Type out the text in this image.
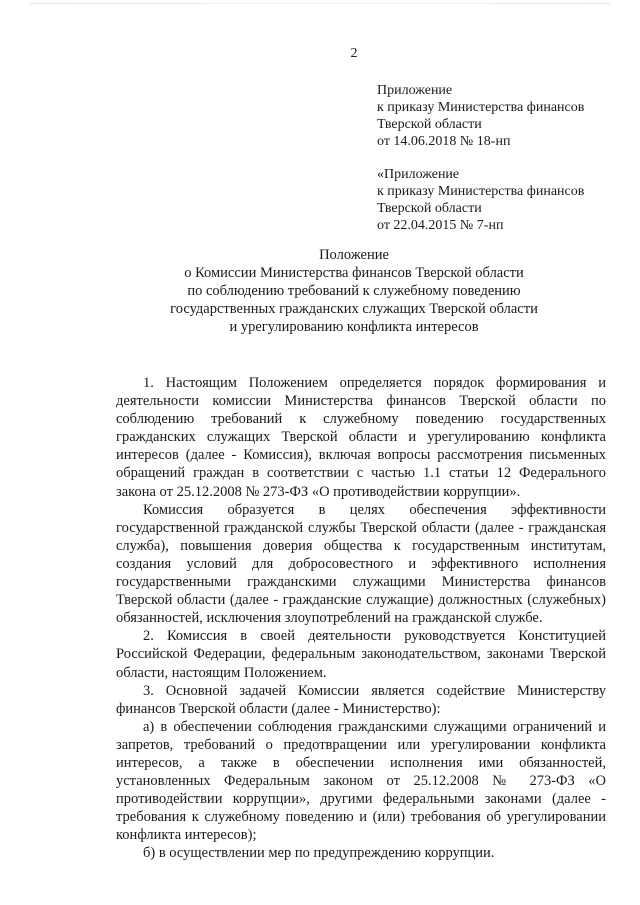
2
Приложение
к приказу Министерства финансов
Тверской области
от 14.06.2018 № 18-нп
«Приложение
к приказу Министерства финансов
Тверской области
от 22.04.2015 № 7-нп
Положение
о Комиссии Министерства финансов Тверской области
по соблюдению требований к служебному поведению
государственных гражданских служащих Тверской области
и урегулированию конфликта интересов

1. Настоящим Положением определяется порядок формирования и деятельности комиссии Министерства финансов Тверской области по соблюдению требований к служебному поведению государственных гражданских служащих Тверской области и урегулированию конфликта интересов (далее - Комиссия), включая вопросы рассмотрения письменных обращений граждан в соответствии с частью 1.1 статьи 12 Федерального закона от 25.12.2008 № 273-ФЗ «О противодействии коррупции».

Комиссия образуется в целях обеспечения эффективности государственной гражданской службы Тверской области (далее - гражданская служба), повышения доверия общества к государственным институтам, создания условий для добросовестного и эффективного исполнения государственными гражданскими служащими Министерства финансов Тверской области (далее - гражданские служащие) должностных (служебных) обязанностей, исключения злоупотреблений на гражданской службе.

2. Комиссия в своей деятельности руководствуется Конституцией Российской Федерации, федеральным законодательством, законами Тверской области, настоящим Положением.

3. Основной задачей Комиссии является содействие Министерству финансов Тверской области (далее - Министерство):

а) в обеспечении соблюдения гражданскими служащими ограничений и запретов, требований о предотвращении или урегулировании конфликта интересов, а также в обеспечении исполнения ими обязанностей, установленных Федеральным законом от 25.12.2008 № 273-ФЗ «О противодействии коррупции», другими федеральными законами (далее - требования к служебному поведению и (или) требования об урегулировании конфликта интересов);

б) в осуществлении мер по предупреждению коррупции.
